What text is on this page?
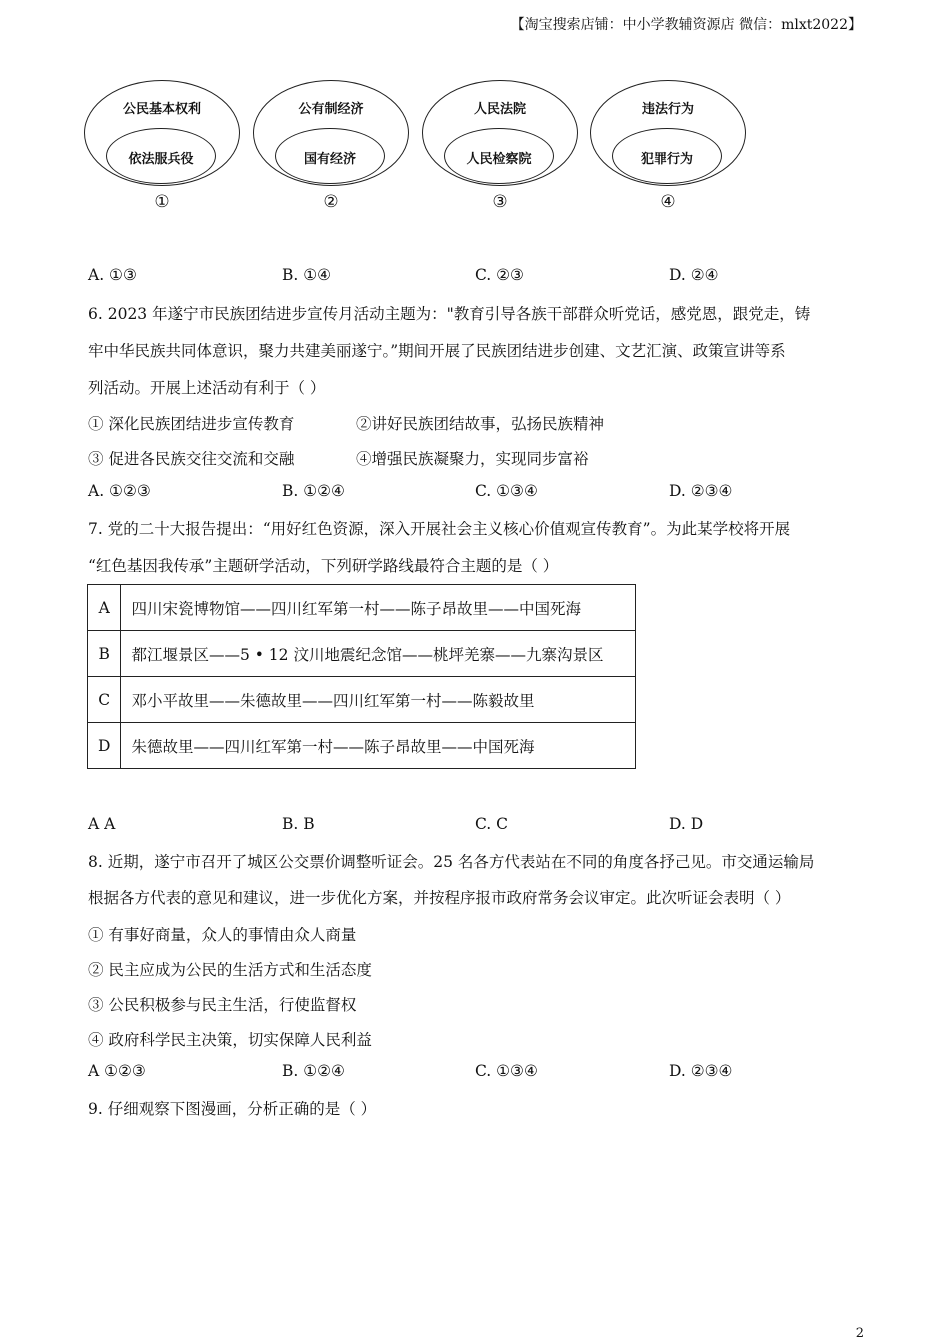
【淘宝搜索店铺：中小学教辅资源店 微信：mlxt2022】
公民基本权利
依法服兵役
①
公有制经济
国有经济
②
人民法院
人民检察院
③
违法行为
犯罪行为
④
A. ①③	B. ①④	C. ②③	D. ②④
6. 2023 年遂宁市民族团结进步宣传月活动主题为："教育引导各族干部群众听党话，感党恩，跟党走，铸
牢中华民族共同体意识，聚力共建美丽遂宁。”期间开展了民族团结进步创建、文艺汇演、政策宣讲等系
列活动。开展上述活动有利于（ ）
① 深化民族团结进步宣传教育	②讲好民族团结故事，弘扬民族精神
③ 促进各民族交往交流和交融	④增强民族凝聚力，实现同步富裕
A. ①②③	B. ①②④	C. ①③④	D. ②③④
7. 党的二十大报告提出：“用好红色资源，深入开展社会主义核心价值观宣传教育”。为此某学校将开展
“红色基因我传承”主题研学活动，下列研学路线最符合主题的是（ ）
A	四川宋瓷博物馆——四川红军第一村——陈子昂故里——中国死海
B	都江堰景区——5 • 12 汶川地震纪念馆——桃坪羌寨——九寨沟景区
C	邓小平故里——朱德故里——四川红军第一村——陈毅故里
D	朱德故里——四川红军第一村——陈子昂故里——中国死海
A A	B. B	C. C	D. D
8. 近期，遂宁市召开了城区公交票价调整听证会。25 名各方代表站在不同的角度各抒己见。市交通运输局
根据各方代表的意见和建议，进一步优化方案，并按程序报市政府常务会议审定。此次听证会表明（ ）
① 有事好商量，众人的事情由众人商量
② 民主应成为公民的生活方式和生活态度
③ 公民积极参与民主生活，行使监督权
④ 政府科学民主决策，切实保障人民利益
A ①②③	B. ①②④	C. ①③④	D. ②③④
9. 仔细观察下图漫画，分析正确的是（ ）
2
